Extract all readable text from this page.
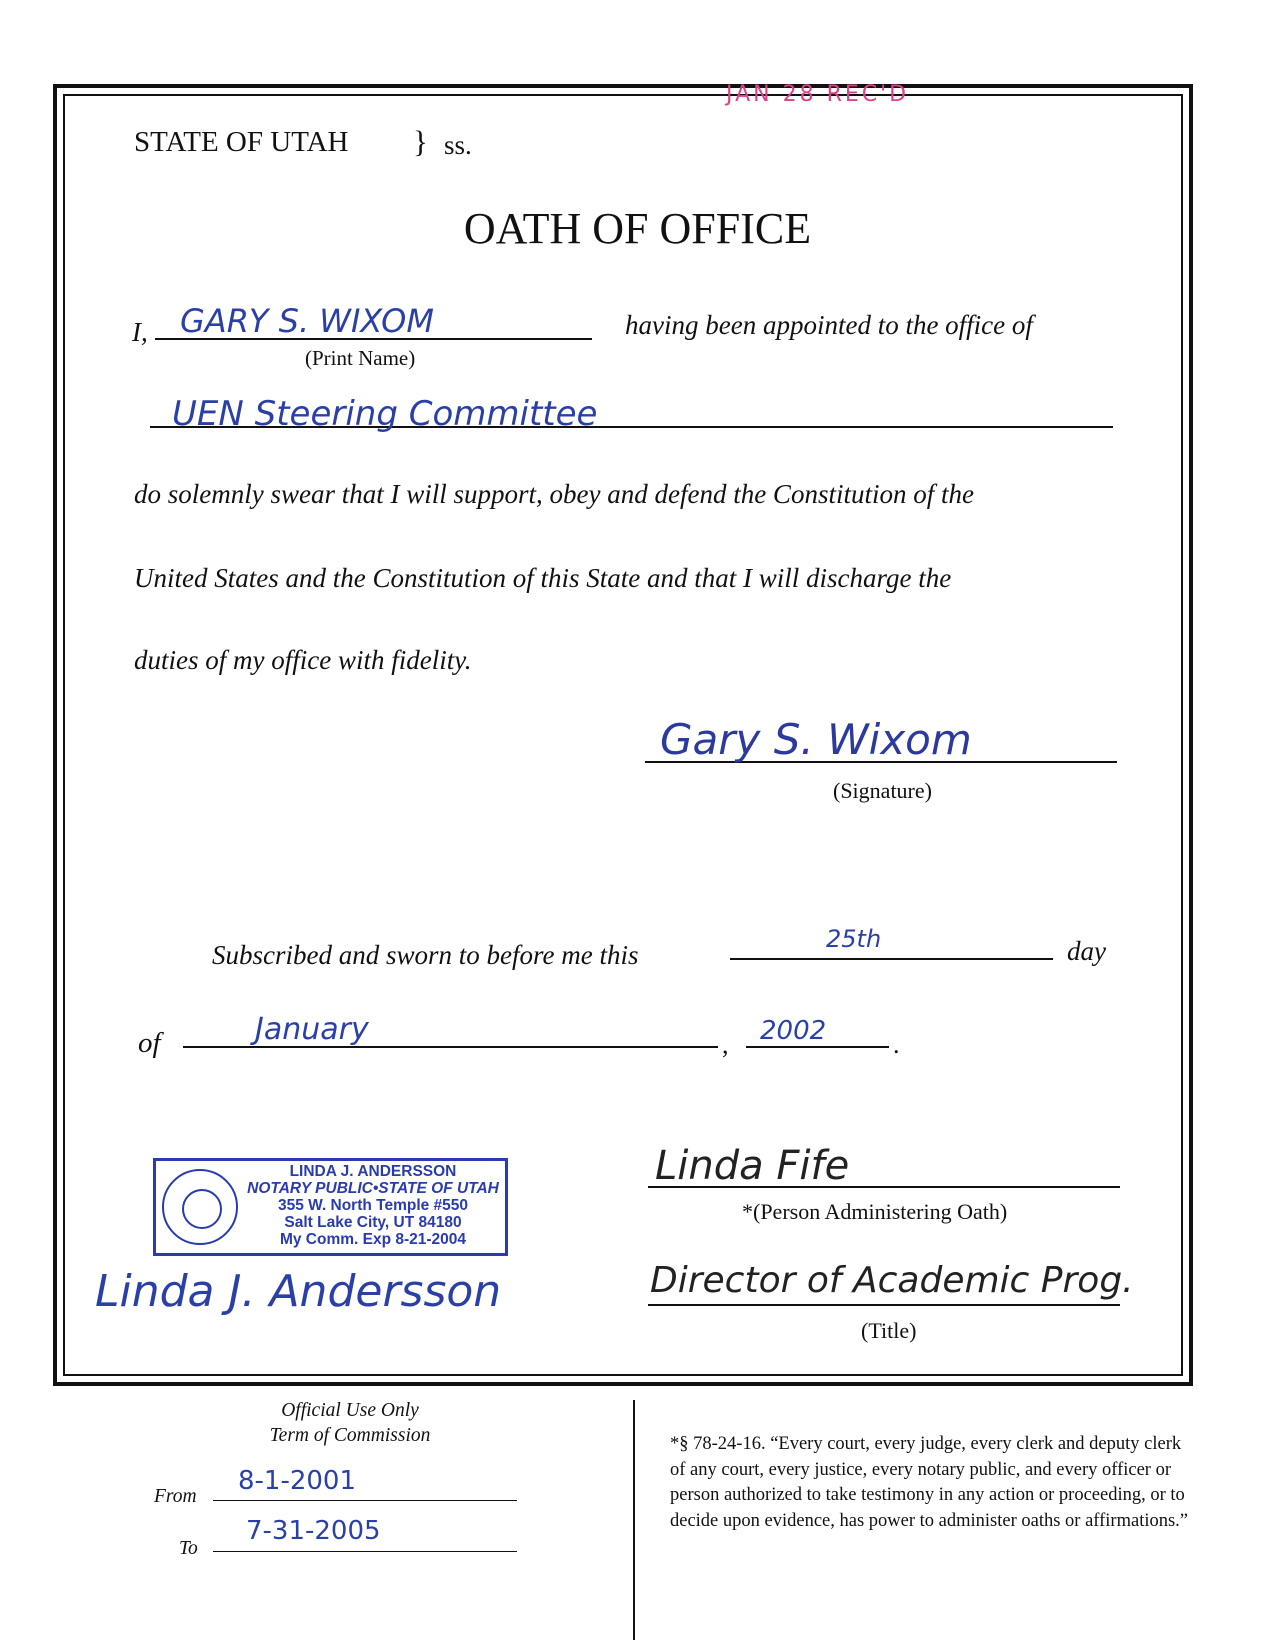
JAN 28 REC'D
STATE OF UTAH } ss.
OATH OF OFFICE
I, GARY S. WIXOM
(Print Name)
having been appointed to the office of
UEN Steering Committee
do solemnly swear that I will support, obey and defend the Constitution of the
United States and the Constitution of this State and that I will discharge the
duties of my office with fidelity.
Gary S. Wixom
(Signature)
Subscribed and sworn to before me this
25th	day
of	January	, 2002	.
LINDA J. ANDERSSON
NOTARY PUBLIC•STATE OF UTAH
355 W. North Temple #550
Salt Lake City, UT 84180
My Comm. Exp 8-21-2004
Linda J. Andersson
Linda Fife
*(Person Administering Oath)
Director of Academic Prog.
(Title)
Official Use Only
Term of Commission
From
8-1-2001
To
7-31-2005
*§ 78-24-16. “Every court, every judge, every clerk and deputy clerk of any court, every justice, every notary public, and every officer or person authorized to take testimony in any action or proceeding, or to decide upon evidence, has power to administer oaths or affirmations.”
